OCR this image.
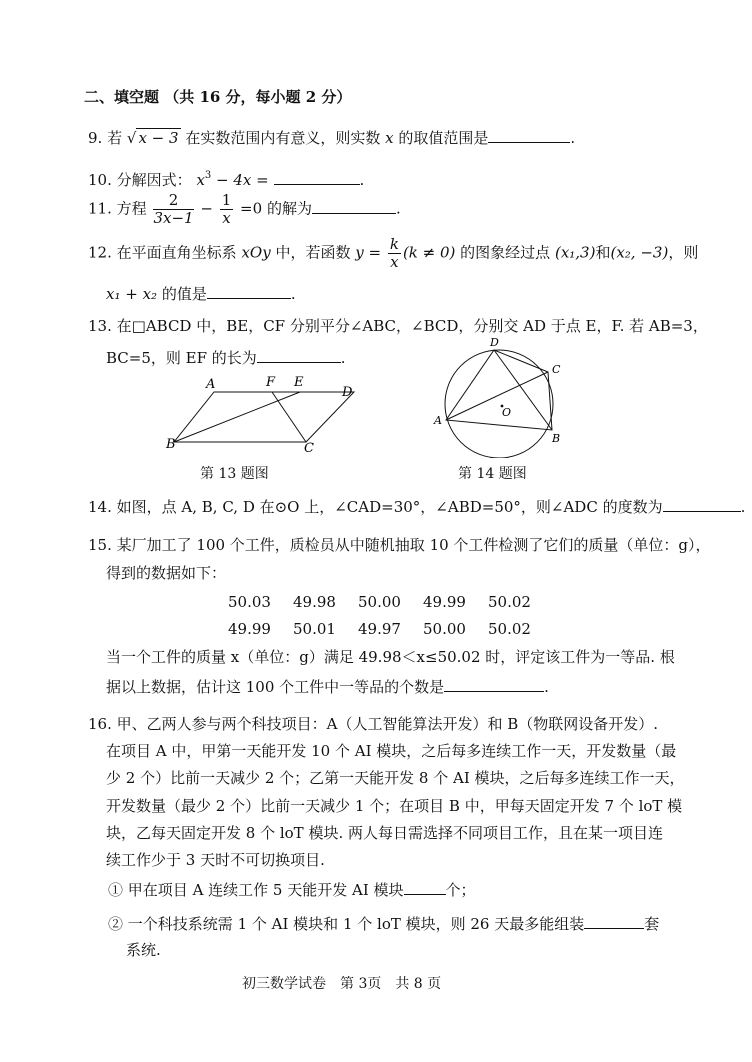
二、填空题 （共 16 分，每小题 2 分）
9. 若 √ x − 3 在实数范围内有意义，则实数 x 的取值范围是	.
10. 分解因式： $x^3 - 4x$ =	.
11. 方程 $\frac{2}{3x-1} - \frac{1}{x} =0$ 的解为	.
12. 在平面直角坐标系 xOy 中，若函数 $y = \frac{k}{x} (k \ne 0)$ 的图象经过点 (x₁,3)和(x₂, −3)，则
x₁ + x₂ 的值是	.
13. 在□ABCD 中，BE，CF 分别平分∠ABC，∠BCD，分别交 AD 于点 E，F. 若 AB=3，
BC=5，则 EF 的长为	.
A	F E
D
B	C
第 13 题图
D
C
A
O
B
第 14 题图
14. 如图，点 A, B, C, D 在⊙O 上，∠CAD=30°，∠ABD=50°，则∠ADC 的度数为	.
15. 某厂加工了 100 个工件，质检员从中随机抽取 10 个工件检测了它们的质量（单位：g），
得到的数据如下：
50.03 49.98 50.00 49.99 50.02
49.99 50.01 49.97 50.00 50.02
当一个工件的质量 x（单位：g）满足 49.98＜x≤50.02 时，评定该工件为一等品. 根
据以上数据，估计这 100 个工件中一等品的个数是	.
16. 甲、乙两人参与两个科技项目：A（人工智能算法开发）和 B（物联网设备开发）.
在项目 A 中，甲第一天能开发 10 个 AI 模块，之后每多连续工作一天，开发数量（最
少 2 个）比前一天减少 2 个；乙第一天能开发 8 个 AI 模块，之后每多连续工作一天，
开发数量（最少 2 个）比前一天减少 1 个；在项目 B 中，甲每天固定开发 7 个 loT 模
块，乙每天固定开发 8 个 loT 模块. 两人每日需选择不同项目工作，且在某一项目连
续工作少于 3 天时不可切换项目.
① 甲在项目 A 连续工作 5 天能开发 AI 模块	个；
② 一个科技系统需 1 个 AI 模块和 1 个 loT 模块，则 26 天最多能组装	套
系统.
初三数学试卷　第 3页　共 8 页
